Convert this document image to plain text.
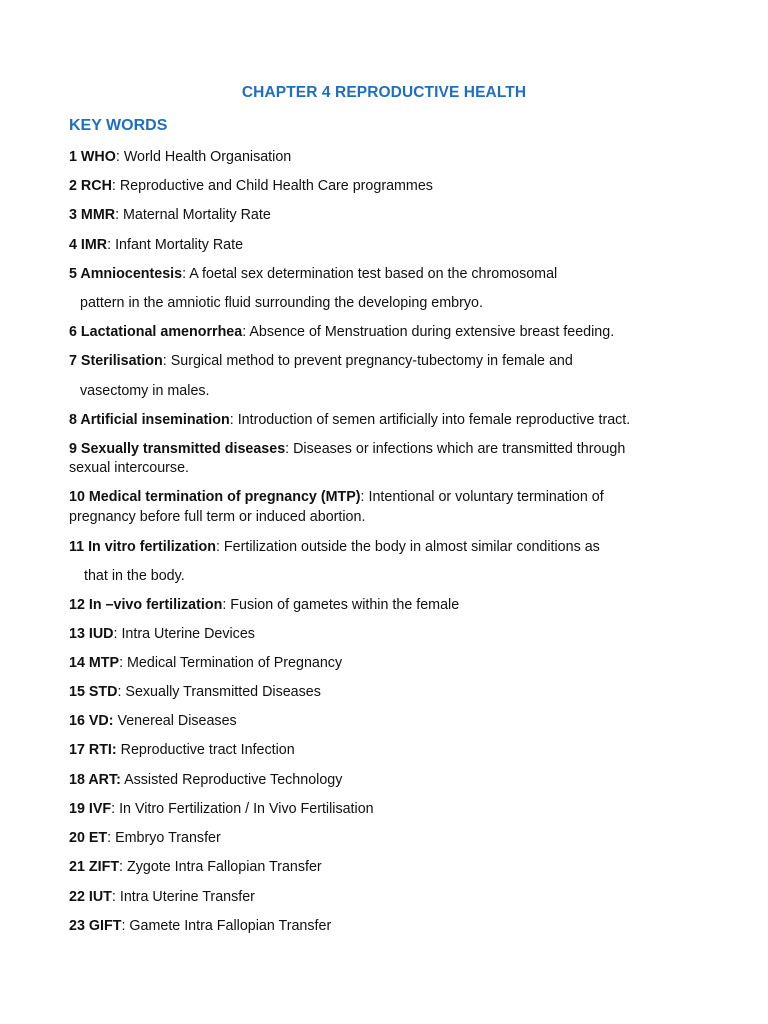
CHAPTER 4 REPRODUCTIVE HEALTH
KEY WORDS
1 WHO: World Health Organisation
2 RCH: Reproductive and Child Health Care programmes
3 MMR: Maternal Mortality Rate
4 IMR: Infant Mortality Rate
5 Amniocentesis: A foetal sex determination test based on the chromosomal
pattern in the amniotic fluid surrounding the developing embryo.
6 Lactational amenorrhea: Absence of Menstruation during extensive breast feeding.
7 Sterilisation: Surgical method to prevent pregnancy-tubectomy in female and
vasectomy in males.
8 Artificial insemination: Introduction of semen artificially into female reproductive tract.
9 Sexually transmitted diseases: Diseases or infections which are transmitted through
sexual intercourse.
10 Medical termination of pregnancy (MTP): Intentional or voluntary termination of
pregnancy before full term or induced abortion.
11 In vitro fertilization: Fertilization outside the body in almost similar conditions as
that in the body.
12 In –vivo fertilization: Fusion of gametes within the female
13 IUD: Intra Uterine Devices
14 MTP: Medical Termination of Pregnancy
15 STD: Sexually Transmitted Diseases
16 VD: Venereal Diseases
17 RTI: Reproductive tract Infection
18 ART: Assisted Reproductive Technology
19 IVF: In Vitro Fertilization / In Vivo Fertilisation
20 ET: Embryo Transfer
21 ZIFT: Zygote Intra Fallopian Transfer
22 IUT: Intra Uterine Transfer
23 GIFT: Gamete Intra Fallopian Transfer
